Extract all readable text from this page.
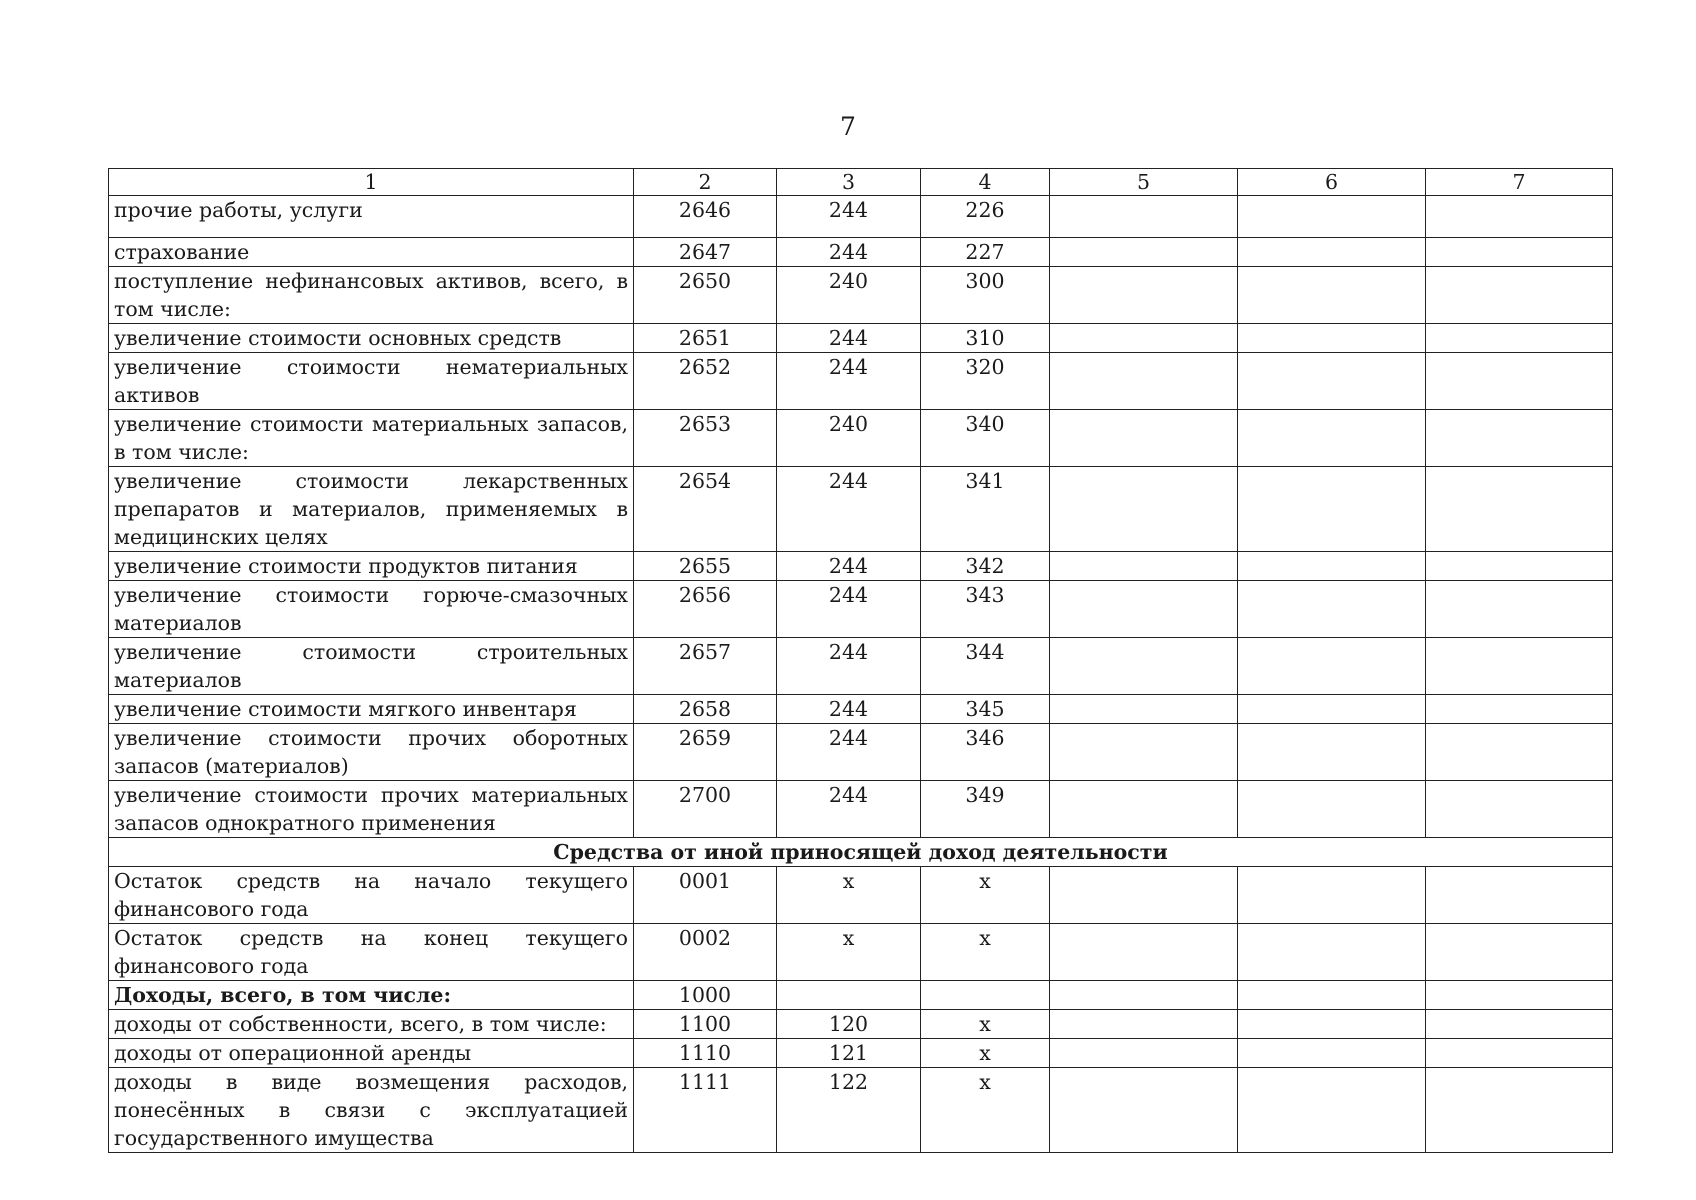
7
1	2	3	4	5	6	7
прочие работы, услуги	2646	244	226			
страхование	2647	244	227			
поступление нефинансовых активов, всего, в том числе:	2650	240	300			
увеличение стоимости основных средств	2651	244	310			
увеличение стоимости нематериальных активов	2652	244	320			
увеличение стоимости материальных запасов, в том числе:	2653	240	340			
увеличение стоимости лекарственных препаратов и материалов, применяемых в медицинских целях	2654	244	341			
увеличение стоимости продуктов питания	2655	244	342			
увеличение стоимости горюче-смазочных материалов	2656	244	343			
увеличение стоимости строительных материалов	2657	244	344			
увеличение стоимости мягкого инвентаря	2658	244	345			
увеличение стоимости прочих оборотных запасов (материалов)	2659	244	346			
увеличение стоимости прочих материальных запасов однократного применения	2700	244	349			
Средства от иной приносящей доход деятельности						
Остаток средств на начало текущего финансового года	0001	х	х			
Остаток средств на конец текущего финансового года	0002	х	х			
Доходы, всего, в том числе:	1000					
доходы от собственности, всего, в том числе:	1100	120	х			
доходы от операционной аренды	1110	121	х			
доходы в виде возмещения расходов, понесённых в связи с эксплуатацией государственного имущества	1111	122	х			
